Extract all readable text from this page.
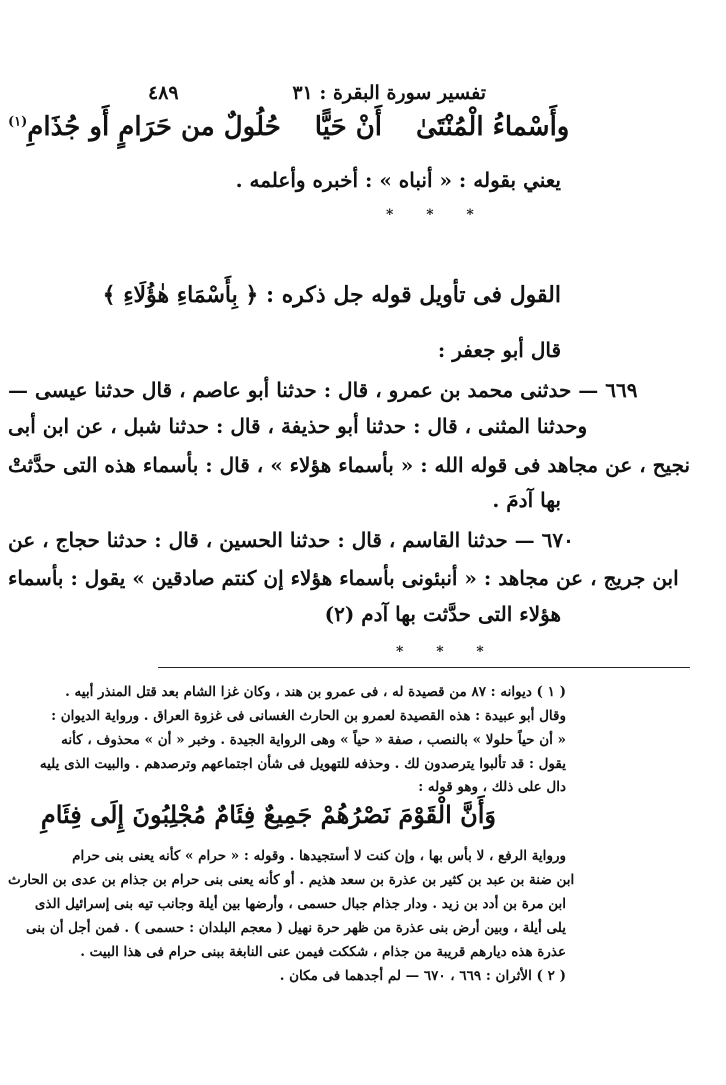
تفسير سورة البقرة : ٣١
٤٨٩
وأَسْماءُ الْمُنْتَىٰأَنْ حَيًّاحُلُولٌ من حَرَامٍ أَو جُذَامِ$^{(١)}$
يعني بقوله : « أنباه » : أخبره وأعلمه .
* * *
القول فى تأويل قوله جل ذكره : ﴿ بِأَسْمَاءِ هٰؤُلَاءِ ﴾
قال أبو جعفر :
٦٦٩ — حدثنى محمد بن عمرو ، قال : حدثنا أبو عاصم ، قال حدثنا عيسى —
وحدثنا المثنى ، قال : حدثنا أبو حذيفة ، قال : حدثنا شبل ، عن ابن أبى
نجيح ، عن مجاهد فى قوله الله : « بأسماء هؤلاء » ، قال : بأسماء هذه التى حدَّثتْ
بها آدمَ .
٦٧٠ — حدثنا القاسم ، قال : حدثنا الحسين ، قال : حدثنا حجاج ، عن
ابن جريج ، عن مجاهد : « أنبئونى بأسماء هؤلاء إن كنتم صادقين » يقول : بأسماء
هؤلاء التى حدَّثت بها آدم (٢)
* * *
( ١ ) ديوانه : ٨٧ من قصيدة له ، فى عمرو بن هند ، وكان غزا الشام بعد قتل المنذر أبيه .
وقال أبو عبيدة : هذه القصيدة لعمرو بن الحارث الغسانى فى غزوة العراق . ورواية الديوان :
« أن حياً حلولا » بالنصب ، صفة « حياً » وهى الرواية الجيدة . وخبر « أن » محذوف ، كأنه
يقول : قد تألبوا يترصدون لك . وحذفه للتهويل فى شأن اجتماعهم وترصدهم . والبيت الذى يليه
دال على ذلك ، وهو قوله :
وَأَنَّ الْقَوْمَ نَصْرُهُمْ جَمِيعٌ فِئَامٌ مُجْلِبُونَ إِلَى فِئَامِ
ورواية الرفع ، لا بأس بها ، وإن كنت لا أستجيدها . وقوله : « حرام » كأنه يعنى بنى حرام
ابن ضنة بن عبد بن كثير بن عذرة بن سعد هذيم . أو كأنه يعنى بنى حرام بن جذام بن عدى بن الحارث
ابن مرة بن أدد بن زيد . ودار جذام جبال حسمى ، وأرضها بين أيلة وجانب تيه بنى إسرائيل الذى
يلى أيلة ، وبين أرض بنى عذرة من ظهر حرة نهيل ( معجم البلدان : حسمى ) . فمن أجل أن بنى
عذرة هذه ديارهم قريبة من جذام ، شككت فيمن عنى النابغة ببنى حرام فى هذا البيت .
( ٢ ) الأثران : ٦٦٩ ، ٦٧٠ — لم أجدهما فى مكان .
